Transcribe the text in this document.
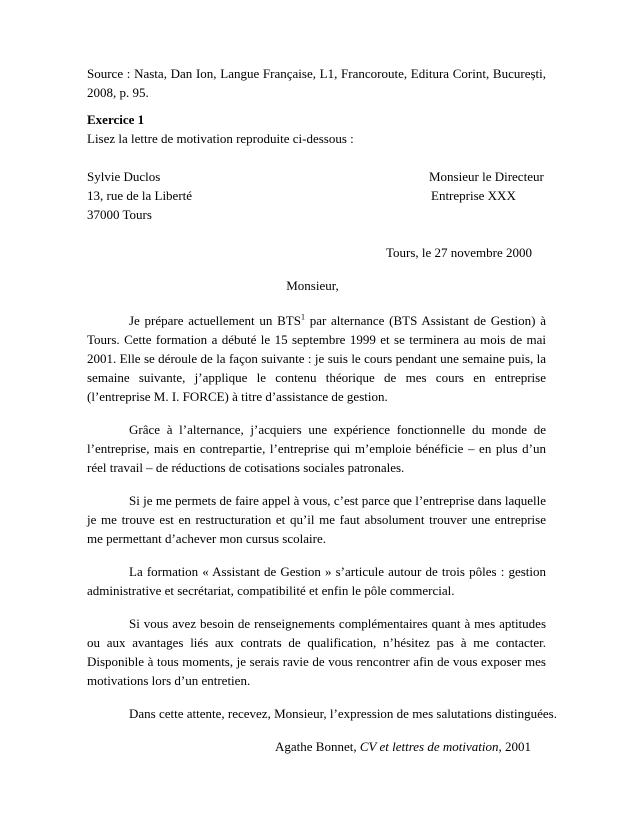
Source : Nasta, Dan Ion, Langue Française, L1, Francoroute, Editura Corint, București, 2008, p. 95.

Exercice 1

Lisez la lettre de motivation reproduite ci-dessous :

Sylvie Duclos
13, rue de la Liberté
37000 Tours
Monsieur le Directeur
Entreprise XXX
Tours, le 27 novembre 2000
Monsieur,

Je prépare actuellement un BTS$^1$ par alternance (BTS Assistant de Gestion) à Tours. Cette formation a débuté le 15 septembre 1999 et se terminera au mois de mai 2001. Elle se déroule de la façon suivante : je suis le cours pendant une semaine puis, la semaine suivante, j’applique le contenu théorique de mes cours en entreprise (l’entreprise M. I. FORCE) à titre d’assistance de gestion.

Grâce à l’alternance, j’acquiers une expérience fonctionnelle du monde de l’entreprise, mais en contrepartie, l’entreprise qui m’emploie bénéficie – en plus d’un réel travail – de réductions de cotisations sociales patronales.

Si je me permets de faire appel à vous, c’est parce que l’entreprise dans laquelle je me trouve est en restructuration et qu’il me faut absolument trouver une entreprise me permettant d’achever mon cursus scolaire.

La formation « Assistant de Gestion » s’articule autour de trois pôles : gestion administrative et secrétariat, compatibilité et enfin le pôle commercial.

Si vous avez besoin de renseignements complémentaires quant à mes aptitudes ou aux avantages liés aux contrats de qualification, n’hésitez pas à me contacter. Disponible à tous moments, je serais ravie de vous rencontrer afin de vous exposer mes motivations lors d’un entretien.

Dans cette attente, recevez, Monsieur, l’expression de mes salutations distinguées.

Agathe Bonnet, CV et lettres de motivation, 2001
